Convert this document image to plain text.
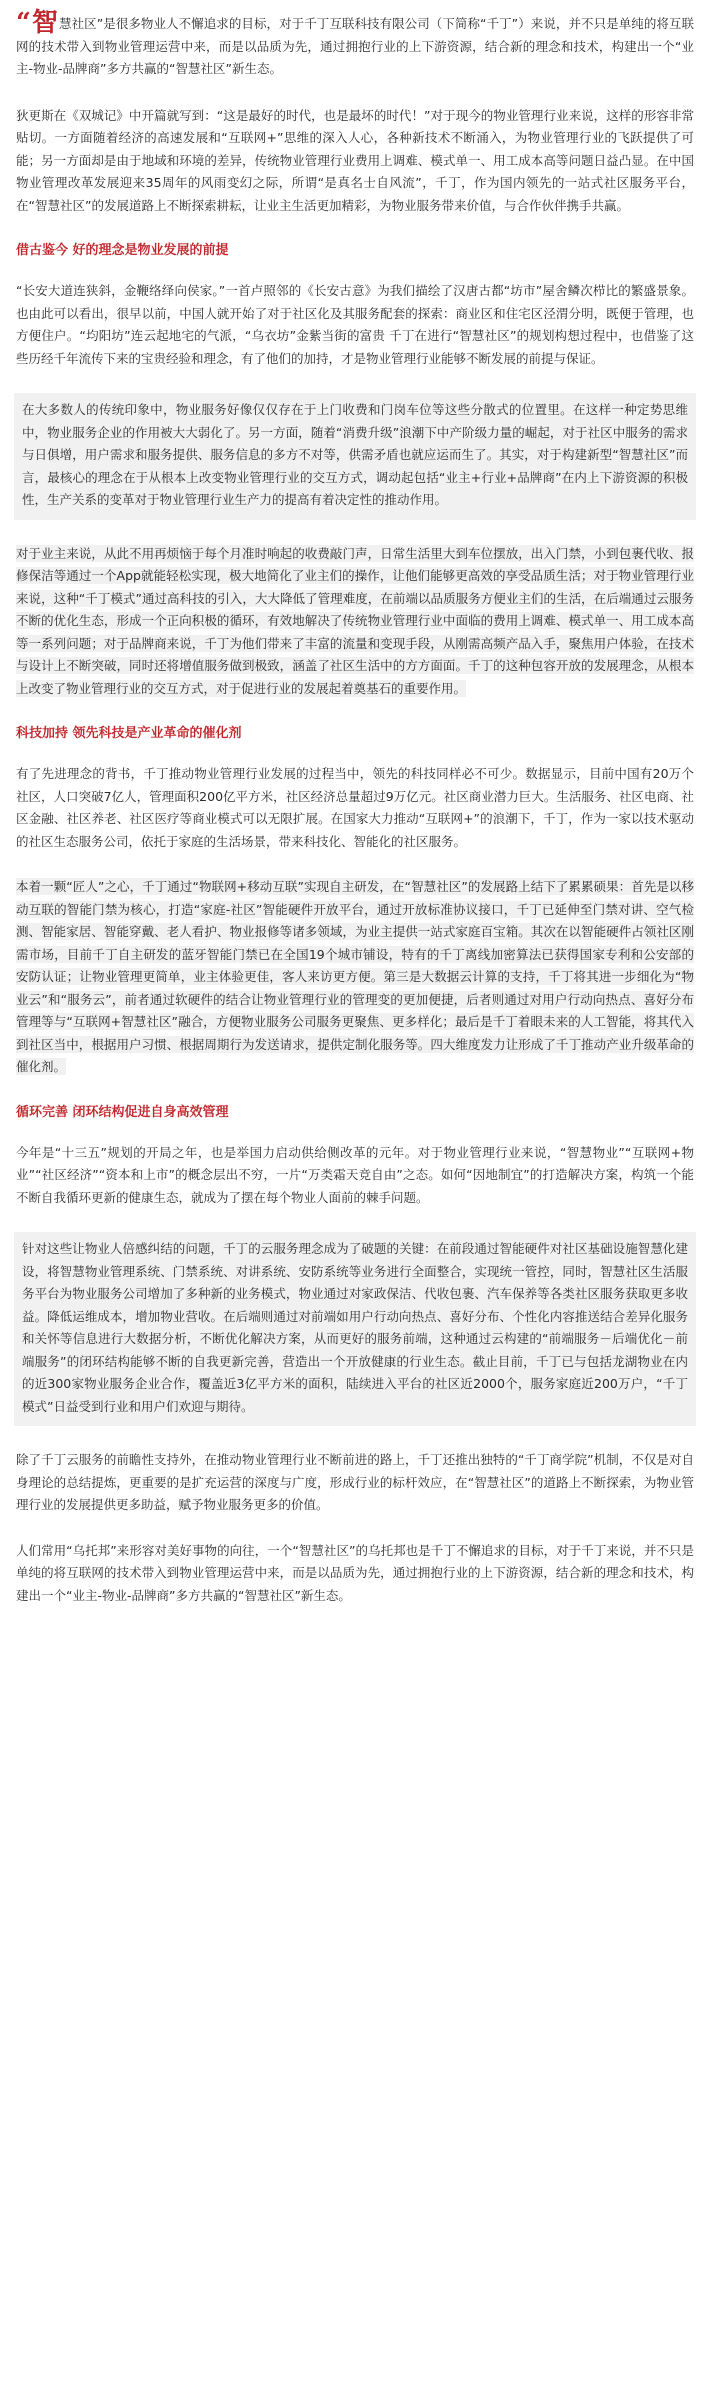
“智慧社区”是很多物业人不懈追求的目标，对于千丁互联科技有限公司（下简称“千丁”）来说，并不只是单纯的将互联网的技术带入到物业管理运营中来，而是以品质为先，通过拥抱行业的上下游资源，结合新的理念和技术，构建出一个“业主-物业-品牌商”多方共赢的“智慧社区”新生态。

狄更斯在《双城记》中开篇就写到：“这是最好的时代，也是最坏的时代！”对于现今的物业管理行业来说，这样的形容非常贴切。一方面随着经济的高速发展和“互联网+”思维的深入人心，各种新技术不断涌入，为物业管理行业的飞跃提供了可能；另一方面却是由于地域和环境的差异，传统物业管理行业费用上调难、模式单一、用工成本高等问题日益凸显。在中国物业管理改革发展迎来35周年的风雨变幻之际，所谓“是真名士自风流”，千丁，作为国内领先的一站式社区服务平台，在“智慧社区”的发展道路上不断探索耕耘，让业主生活更加精彩，为物业服务带来价值，与合作伙伴携手共赢。

借古鉴今 好的理念是物业发展的前提

“长安大道连狭斜，金鞭络绎向侯家。”一首卢照邻的《长安古意》为我们描绘了汉唐古都“坊市”屋舍鳞次栉比的繁盛景象。也由此可以看出，很早以前，中国人就开始了对于社区化及其服务配套的探索：商业区和住宅区泾渭分明，既便于管理，也方便住户。“均阳坊”连云起地宅的气派，“乌衣坊”金紫当街的富贵 千丁在进行“智慧社区”的规划构想过程中，也借鉴了这些历经千年流传下来的宝贵经验和理念，有了他们的加持，才是物业管理行业能够不断发展的前提与保证。

在大多数人的传统印象中，物业服务好像仅仅存在于上门收费和门岗车位等这些分散式的位置里。在这样一种定势思维中，物业服务企业的作用被大大弱化了。另一方面，随着“消费升级”浪潮下中产阶级力量的崛起，对于社区中服务的需求与日俱增，用户需求和服务提供、服务信息的多方不对等，供需矛盾也就应运而生了。其实，对于构建新型“智慧社区”而言，最核心的理念在于从根本上改变物业管理行业的交互方式，调动起包括“业主+行业+品牌商”在内上下游资源的积极性，生产关系的变革对于物业管理行业生产力的提高有着决定性的推动作用。

对于业主来说，从此不用再烦恼于每个月准时响起的收费敲门声，日常生活里大到车位摆放，出入门禁，小到包裹代收、报修保洁等通过一个App就能轻松实现，极大地简化了业主们的操作，让他们能够更高效的享受品质生活；对于物业管理行业来说，这种“千丁模式”通过高科技的引入，大大降低了管理难度，在前端以品质服务方便业主们的生活，在后端通过云服务不断的优化生态，形成一个正向积极的循环，有效地解决了传统物业管理行业中面临的费用上调难、模式单一、用工成本高等一系列问题；对于品牌商来说，千丁为他们带来了丰富的流量和变现手段，从刚需高频产品入手，聚焦用户体验，在技术与设计上不断突破，同时还将增值服务做到极致，涵盖了社区生活中的方方面面。千丁的这种包容开放的发展理念，从根本上改变了物业管理行业的交互方式，对于促进行业的发展起着奠基石的重要作用。

科技加持 领先科技是产业革命的催化剂

有了先进理念的背书，千丁推动物业管理行业发展的过程当中，领先的科技同样必不可少。数据显示，目前中国有20万个社区，人口突破7亿人，管理面积200亿平方米，社区经济总量超过9万亿元。社区商业潜力巨大。生活服务、社区电商、社区金融、社区养老、社区医疗等商业模式可以无限扩展。在国家大力推动“互联网+”的浪潮下，千丁，作为一家以技术驱动的社区生态服务公司，依托于家庭的生活场景，带来科技化、智能化的社区服务。

本着一颗“匠人”之心，千丁通过“物联网+移动互联”实现自主研发，在“智慧社区”的发展路上结下了累累硕果：首先是以移动互联的智能门禁为核心，打造“家庭-社区”智能硬件开放平台，通过开放标准协议接口，千丁已延伸至门禁对讲、空气检测、智能家居、智能穿戴、老人看护、物业报修等诸多领域，为业主提供一站式家庭百宝箱。其次在以智能硬件占领社区刚需市场，目前千丁自主研发的蓝牙智能门禁已在全国19个城市铺设，特有的千丁离线加密算法已获得国家专利和公安部的安防认证；让物业管理更简单，业主体验更佳，客人来访更方便。第三是大数据云计算的支持，千丁将其进一步细化为“物业云”和“服务云”，前者通过软硬件的结合让物业管理行业的管理变的更加便捷，后者则通过对用户行动向热点、喜好分布管理等与“互联网+智慧社区”融合，方便物业服务公司服务更聚焦、更多样化；最后是千丁着眼未来的人工智能，将其代入到社区当中，根据用户习惯、根据周期行为发送请求，提供定制化服务等。四大维度发力让形成了千丁推动产业升级革命的催化剂。

循环完善 闭环结构促进自身高效管理

今年是“十三五”规划的开局之年，也是举国力启动供给侧改革的元年。对于物业管理行业来说，“智慧物业”“互联网+物业”“社区经济”“资本和上市”的概念层出不穷，一片“万类霜天竞自由”之态。如何“因地制宜”的打造解决方案，构筑一个能不断自我循环更新的健康生态，就成为了摆在每个物业人面前的棘手问题。

针对这些让物业人倍感纠结的问题，千丁的云服务理念成为了破题的关键：在前段通过智能硬件对社区基础设施智慧化建设，将智慧物业管理系统、门禁系统、对讲系统、安防系统等业务进行全面整合，实现统一管控，同时，智慧社区生活服务平台为物业服务公司增加了多种新的业务模式，物业通过对家政保洁、代收包裹、汽车保养等各类社区服务获取更多收益。降低运维成本，增加物业营收。在后端则通过对前端如用户行动向热点、喜好分布、个性化内容推送结合差异化服务和关怀等信息进行大数据分析，不断优化解决方案，从而更好的服务前端，这种通过云构建的“前端服务－后端优化－前端服务”的闭环结构能够不断的自我更新完善，营造出一个开放健康的行业生态。截止目前，千丁已与包括龙湖物业在内的近300家物业服务企业合作，覆盖近3亿平方米的面积，陆续进入平台的社区近2000个，服务家庭近200万户，“千丁模式”日益受到行业和用户们欢迎与期待。

除了千丁云服务的前瞻性支持外，在推动物业管理行业不断前进的路上，千丁还推出独特的“千丁商学院”机制，不仅是对自身理论的总结提炼，更重要的是扩充运营的深度与广度，形成行业的标杆效应，在“智慧社区”的道路上不断探索，为物业管理行业的发展提供更多助益，赋予物业服务更多的价值。

人们常用“乌托邦”来形容对美好事物的向往，一个“智慧社区”的乌托邦也是千丁不懈追求的目标，对于千丁来说，并不只是单纯的将互联网的技术带入到物业管理运营中来，而是以品质为先，通过拥抱行业的上下游资源，结合新的理念和技术，构建出一个“业主-物业-品牌商”多方共赢的“智慧社区”新生态。
